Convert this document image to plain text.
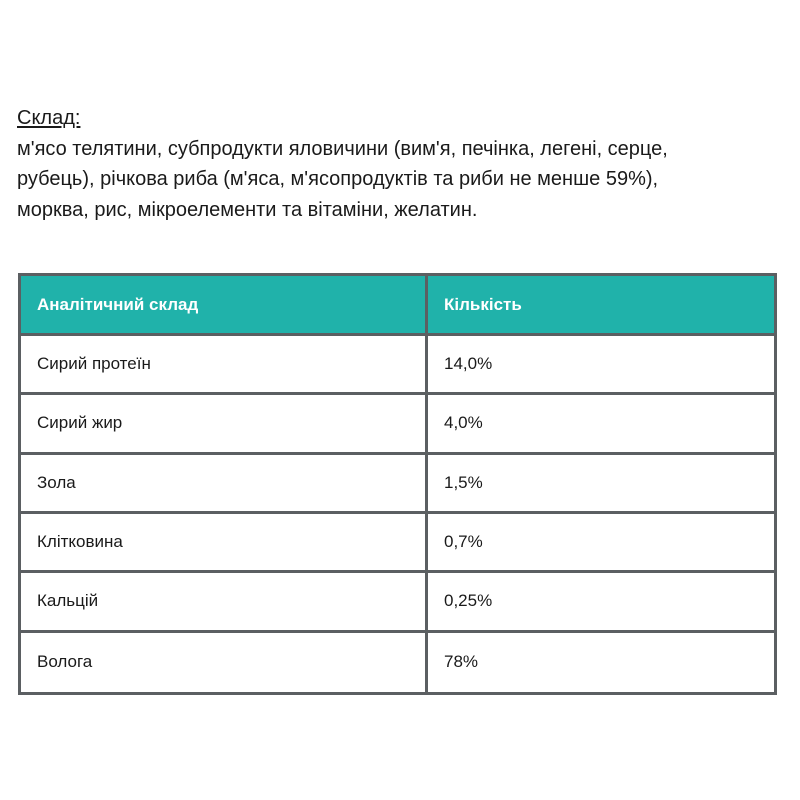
Склад:
м'ясо телятини, субпродукти яловичини (вим'я, печінка, легені, серце,
рубець), річкова риба (м'яса, м'ясопродуктів та риби не менше 59%),
морква, рис, мікроелементи та вітаміни, желатин.
Аналітичний склад	Кількість
Сирий протеїн	14,0%
Сирий жир	4,0%
Зола	1,5%
Клітковина	0,7%
Кальцій	0,25%
Волога	78%
